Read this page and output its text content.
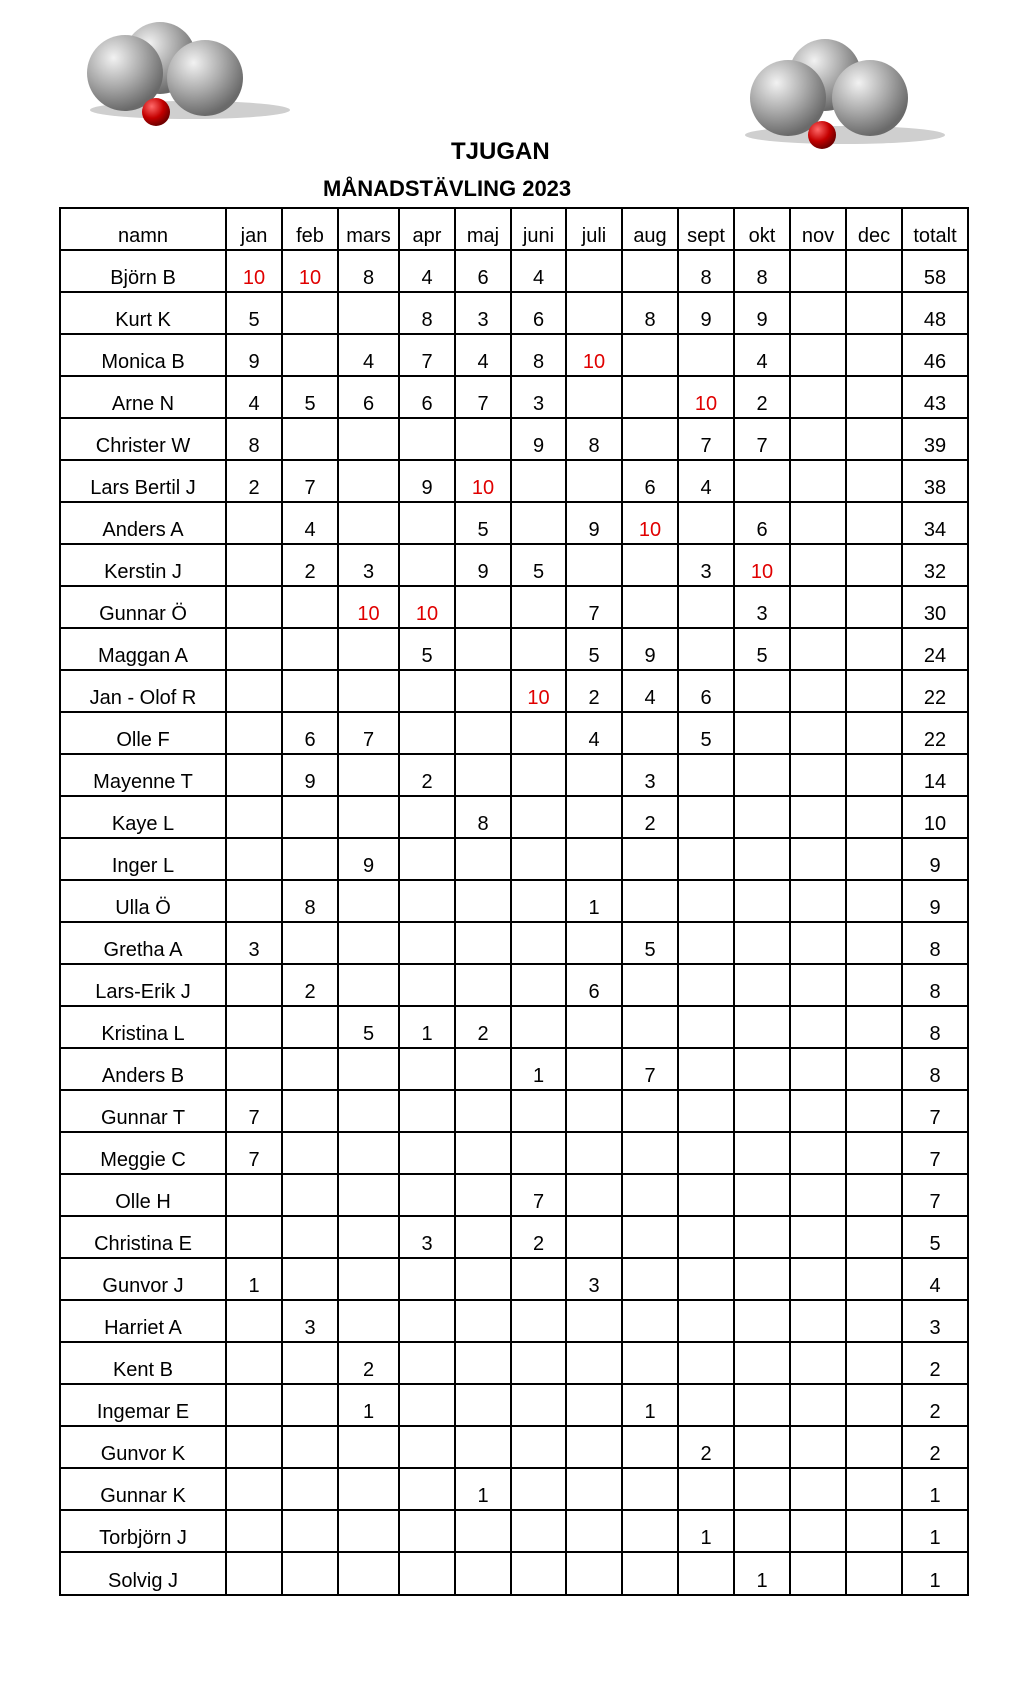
TJUGAN
MÅNADSTÄVLING 2023
namn	jan	feb	mars	apr	maj	juni	juli	aug	sept	okt	nov	dec	totalt
Björn B	10	10	8	4	6	4			8	8			58
Kurt K	5			8	3	6		8	9	9			48
Monica B	9		4	7	4	8	10			4			46
Arne N	4	5	6	6	7	3			10	2			43
Christer W	8					9	8		7	7			39
Lars Bertil J	2	7		9	10			6	4				38
Anders A		4			5		9	10		6			34
Kerstin J		2	3		9	5			3	10			32
Gunnar Ö			10	10			7			3			30
Maggan A				5			5	9		5			24
Jan - Olof R						10	2	4	6				22
Olle F		6	7				4		5				22
Mayenne T		9		2				3					14
Kaye L					8			2					10
Inger L			9										9
Ulla Ö		8					1						9
Gretha A	3							5					8
Lars-Erik J		2					6						8
Kristina L			5	1	2								8
Anders B						1		7					8
Gunnar T	7												7
Meggie C	7												7
Olle H						7							7
Christina E				3		2							5
Gunvor J	1						3						4
Harriet A		3											3
Kent B			2										2
Ingemar E			1					1					2
Gunvor K									2				2
Gunnar K					1								1
Torbjörn J									1				1
Solvig J										1			1
